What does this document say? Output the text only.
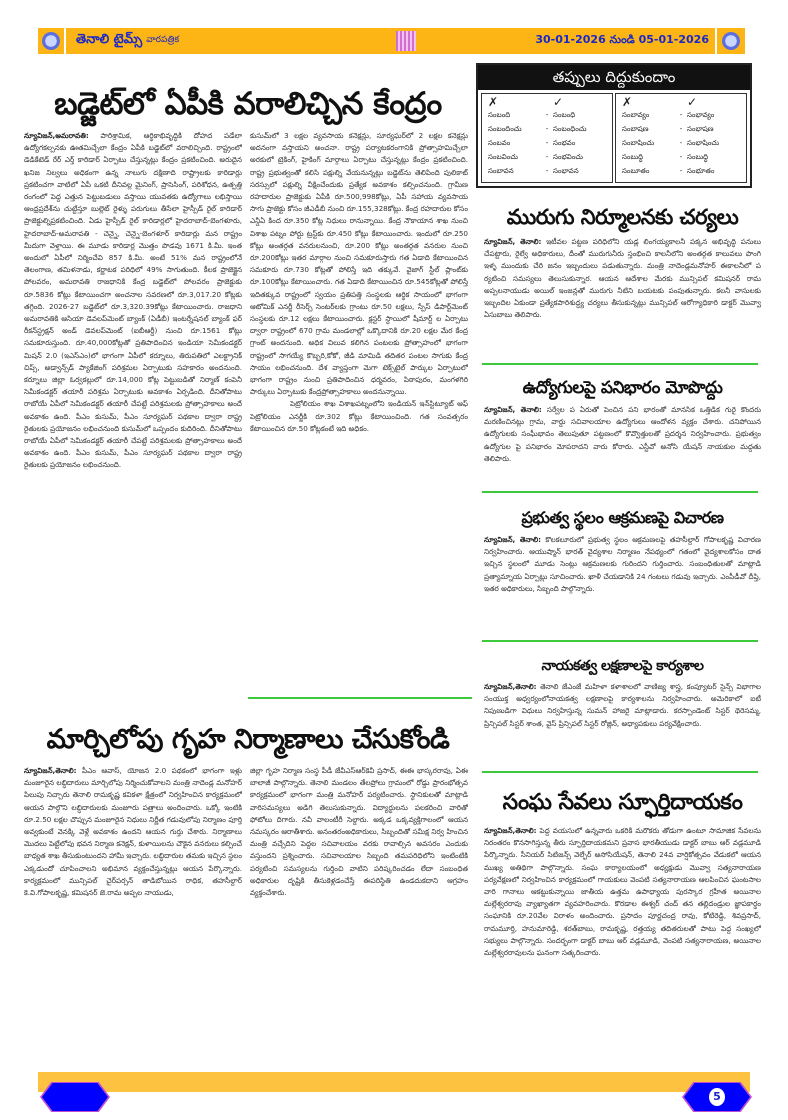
తెనాలి టైమ్స్ వారపత్రిక	30-01-2026 నుండి 05-01-2026
బడ్జెట్‌లో ఏపీకి వరాలిచ్చిన కేంద్రం
న్యూవిజన్,అమరావతి: పారిశ్రామిక, ఆర్థికాభివృద్ధికి దోహద పడేలా ఉద్యోగకల్పనకు ఊతమిచ్చేలా కేంద్రం ఏపీకి బడ్జెట్‌లో వరాలిచ్చింది. రాష్ట్రంలో డెడికేటెడ్ రేర్ ఎర్త్ కారిడార్ ఏర్పాటు చేస్తున్నట్లు కేంద్రం ప్రకటించింది. అరుదైన ఖనిజ నిల్వలు అధికంగా ఉన్న నాలుగు దక్షిణాది రాష్ట్రాలకు కారిడార్లు ప్రకటించగా వాటిలో ఏపీ ఒకటి దీనివల్ల మైనింగ్, ప్రాసెసింగ్, పరిశోధన, ఉత్పత్తి రంగంలో పెద్ద ఎత్తున పెట్టుబడులు వస్తాయి యువతకు ఉద్యోగాలు లభిస్తాయి ఆంధ్రప్రదేశ్‌ను చుట్టేస్తూ బుల్లెట్ రైళ్ళు పరుగులు తీసేలా హైస్పీడ్ రైల్ కారిడార్ ప్రాజెక్టుల్నిప్రకటించింది. ఏడు హైస్పీడ్ రైల్ కారిడార్లలో హైదరాబాద్-బెంగళూరు, హైదరాబాద్-అమరావతి - చెన్నై, చెన్నై-బెంగళూర్ కారిడార్లు మన రాష్ట్రం మీదుగా వెళ్తాయి. ఈ మూడు కారిడార్ల మొత్తం పొడవు 1671 కి.మీ. ఇంత అందులో ఏపీలో నిర్మించేవి 857 కి.మీ. అంటే 51% మన రాష్ట్రంలోనే తెలంగాణ, తమిళనాడు, కర్ణాటక పరిధిలో 49% సాగుతుంది. కీలక ప్రాజెక్టైన పోలవరం, అమరావతి రాజధానికి కేంద్ర బడ్జెట్‌లో పోలవరం ప్రాజెక్టుకు రూ.5836 కోట్లు కేటాయించగా అంచనాల సవరణలో రూ.3,017.20 కోట్లకు తగ్గింది. 2026-27 బడ్జెట్‌లో రూ.3,320.39కోట్లు కేటాయించారు. రాజధాని అమరావతికి ఆసియా డెవలప్‌మెంట్ బ్యాంక్ (ఏడీబీ) ఇంటర్నేషనల్ బ్యాంక్ ఫర్ రీకన్‌స్ట్రక్షన్ అండ్ డెవలప్‌మెంట్ (ఐబీఆర్డీ) నుంచి రూ.1561 కోట్లు సమకూరుస్తుంది. రూ.40,000కోట్లతో ప్రతిపాదించిన ఇండియా సెమీకండక్టర్ మిషన్ 2.0 (ఇఎస్ఎం)లో భాగంగా ఏపీలో కర్నూలు, తిరుపతిలో ఎలక్ట్రానిక్ చిప్స్, అడ్వాన్స్‌డ్ ప్యాకేజింగ్ పరిశ్రమల ఏర్పాటుకు సహకారం అందనుంది. కర్నూలు జిల్లా ఓర్వకల్లులో రూ.14,000 కోట్ల పెట్టుబడితో నిర్మాణ్ కంపెనీ సెమీకండక్టర్ తయారీ పరిశ్రమ ఏర్పాటుకు అవకాశం ఏర్పడింది. దీనితోపాటు రాబోయే ఏపీలో సెమీకండక్టర్ తయారీ చేపట్టే పరిశ్రమలకు ప్రోత్సాహకాలు అందే అవకాశం ఉంది. పీఎం కుసుమ్, పీఎం సూర్యఘర్ పథకాల ద్వారా రాష్ట్ర రైతులకు ప్రయోజనం లభించనుంది కుసుమ్‌లో ఒప్పందం కుదిరింది. దీనితోపాటు రాబోయే ఏపీలో సెమీకండక్టర్ తయారీ చేపట్టే పరిశ్రమలకు ప్రోత్సాహకాలు అందే అవకాశం ఉంది. పీఎం కుసుమ్, పీఎం సూర్యఘర్ పథకాల ద్వారా రాష్ట్ర రైతులకు ప్రయోజనం లభించనుంది.
కుసుమ్‌లో 3 లక్షల వ్యవసాయ కనెక్షన్లు, సూర్యఘర్‌లో 2 లక్షల కనెక్షన్లు అదనంగా వస్తాయని అంచనా. రాష్ట్ర పర్యాటకరంగానికి ప్రోత్సాహమిచ్చేలా అరకులో ట్రెకింగ్, హైకింగ్ మార్గాలు ఏర్పాటు చేస్తున్నట్లు కేంద్రం ప్రకటించింది. రాష్ట్ర ప్రభుత్వంతో కలిసి పక్షుల్ని వేయనున్నట్లు బడ్జెట్‌ను తెలిపింది పులికాట్ సరస్సులో పక్షుల్ని వీక్షించేందుకు ప్రత్యేక అవకాశం కల్పించనుంది. గ్రామీణ రహదారుల ప్రాజెక్టుకు ఏపీకి రూ.500,998కోట్లు, ఏపీ సహాయ వ్యవసాయ సాగు ప్రాజెక్టు కోసం జీఎడీబీ నుంచి రూ.155,328కోట్లు. కేంద్ర రహదారుల కోసం ఎన్డీఏ కింద రూ.350 కోట్ల నిధులు రానున్నాయి. కేంద్ర నౌకాయాన శాఖ నుంచి విశాఖ పట్నం పోర్టు ట్రస్ట్‌కు రూ.450 కోట్లు కేటాయించారు. ఇందులో రూ.250 కోట్లు అంతర్గత వనరులనుంచి, రూ.200 కోట్లు అంతర్గత వనరుల నుంచి రూ.200కోట్లు ఇతర మార్గాల నుంచి సమకూరుస్తారు గత ఏడాది కేటాయించిన సమకూరు రూ.730 కోట్లతో పోలిస్తే ఇది తక్కువే. వైజాగ్ స్టీల్ ప్లాంట్‌కు రూ.100కోట్లు కేటాయించారు. గత ఏడాది కేటాయించిన రూ.545కోట్లతో పోలిస్తే ఇదితక్కువ రాష్ట్రంలో స్వయం ప్రతిపత్తి సంస్థలకు ఆర్థిక సాయంలో భాగంగా ఆటోమిక్ ఎనర్జీ రీసెర్చ్ సెంటర్‌లకు గ్రాంటు రూ.50 లక్షలు, స్పేస్ డిపార్ట్‌మెంట్ సంస్థలకు రూ.12 లక్షలు కేటాయించారు. క్లస్టర్ స్థాయిలో షీమార్ట్ ల ఏర్పాటు ద్వారా రాష్ట్రంలో 670 గ్రామ మండలాల్లో ఒక్కొదానికి రూ.20 లక్షల మేర కేంద్ర గ్రాంట్ అందనుంది. అధిక విలువ కలిగిన పంటలకు ప్రోత్సాహంలో భాగంగా రాష్ట్రంలో సాగయ్యే కొబ్బరి,కోకో, జీడి మామిడి తదితర పంటల సాగుకు కేంద్ర సాయం లభించనుంది. దేశ వ్యాప్తంగా మెగా టెక్స్‌టైల్ పార్కుల ఏర్పాటులో భాగంగా రాష్ట్రం నుంచి ప్రతిపాదించిన ధర్మవరం, పిఠాపురం, మంగళగిరి పార్కులు ఏర్పాటుకు కేంద్రప్రోత్సాహకాలు అందనున్నాయి.
పెట్రోలియం శాఖ విశాఖపట్నంలోని ఇండియన్ ఇన్‌స్టిట్యూట్ ఆఫ్ పెట్రోలియం ఎనర్జీకి రూ.302 కోట్లు కేటాయించింది. గత సంవత్సరం కేటాయించిన రూ.50 కోట్లకంటే ఇది అధికం.
తప్పులు దిద్దుకుందాం
✗	✓
సంబంది	- సంబంధి
సంబందించు	- సంబంధించు
సంబవం	- సంభవం
సంబవించు	- సంభవించు
సంబావన	- సంభావన
✗	✓
సంబావ్యం	- సంభావ్యం
సంబాషణ	- సంభాషణ
సంబాషించు	- సంభాషించు
సంబుద్ధి	- సంబుద్ధి
సంబూతం	- సంభూతం
మురుగు నిర్మూలనకు చర్యలు
న్యూవిజన్, తెనాలి: ఇటీవల పట్టణ పరిధిలోని యడ్ల లింగయ్యకాలనీ పక్కన అభివృద్ధి పనులు చేపట్టారు, రైల్వే అధికారులు, దీంతో మురుగునీరు స్తంభించి కాలనీలోని అంతర్గత కాలువలు పొంగి ఇళ్ళ ముందుకు చేరి జనం ఇబ్బందులు పడుతున్నారు. మంత్రి నాదెండ్లమనోహర్ ఈకాలనీలో ప ర్యటించి సమస్యలు తెలుసుకున్నార. ఆయన ఆదేశాల మేరకు మున్సిపల్ కమిషనర్ రామ అప్పలనాయుడు అయిల్ ఇంజన్లతో మురుగు నీటిని బయటకు పంపుతున్నారు. కలనీ వాసులకు ఇబ్బందిల ఏకుండా ప్రత్యేకపారిశుద్ధ్య చర్యలు తీసుకున్నట్లు మున్సిపల్ ఆరోగ్యాధికారి డాక్టర్ మొవ్వా ఏసుబాబు తెలిపారు.
ఉద్యోగులపై పనిభారం మోపొద్దు
న్యూవిజన్, తెనాలి: సర్వేల ప ఏరుతో పెంచిన పని భారంతో మానసిక ఒత్తిడిక గురై కొందరు మరణించినట్లు గ్రామ, వార్డు సచివాలయాల ఉద్యోగులు ఆందోళన వ్యక్తం చేశారు. చనిపోయిన ఉద్యోగులకు సంఘీభావం తెలుపుతూ పట్టణంలో కొవ్వొత్తులతో ప్రదర్శన నిర్వహించారు. ప్రభుత్వం ఉద్యోగుల పై పనిభారం మోపరాదని వారు కోరారు. ఎస్టీవో అనోసి యేషన్ నాయకుల మద్దతు తెలిపారు.
ప్రభుత్వ స్థలం ఆక్రమణపై విచారణ
న్యూవిజన్, తెనాలి: కొలకలూరులో ప్రభుత్వ స్థలం ఆక్రమణలపై తహసీల్దార్ గోపాలకృష్ణ విచారణ నిర్వహించారు. ఆయుష్మాన్ భారత్ వైద్యశాల నిర్మాణం నేపథ్యంలో గతంలో వైద్యశాలకోసం దాత ఇచ్చిన స్థలంలో మూడు సెంట్లు ఆక్రమణలకు గురిందని గుర్తించారు. సంబంధితులతో మాట్లాడి ప్రత్యామ్నాయ ఏర్పాట్లు సూచించారు. ఖాళీ చేయడానికి 24 గంటలు గడువు ఇచ్చారు. ఎంపీడీవో దీప్తి, ఇతర అధికారులు, సిబ్బంది పాల్గొన్నారు.
నాయకత్వ లక్షణాలపై కార్యశాల
న్యూవిజన్,తెనాలి: తెనాలి జేఎంజే మహిళా కళాశాలలో వాణిజ్య శాస్త్ర, కంప్యూటర్ సైన్స్ విభాగాల సంయుక్త అధ్వర్యంలోనాయకత్వ లక్షణాలపై కార్యశాలను నిర్వహించారు. అమెరికాలో ఐటీ నిపుణుడిగా విధులు నిర్వహిస్తున్న సుమన్ హాజరై మాట్లాడారు. కరస్పాండెంట్ సిస్టర్ థెరెసమ్మ, ప్రిన్సిపల్ సిస్టర్ శాంత, వైస్ ప్రిన్సిపల్ సిస్టర్ రోజ్లిన్, అధ్యాపకులు పర్యవేక్షించారు.
సంఘ సేవలు స్ఫూర్తిదాయకం
న్యూవిజన్,తెనాలి: పెద్ద వయసులో ఉన్నవారు ఒకరికి మరొకరు తోడుగా ఉంటూ సామాజిక సేవలను నిరంతరం కొనసాగిస్తున్న తీరు స్ఫూర్తిదాయకమని ప్రవాస భారతీయుడు డాక్టర్ బాబు ఆర్ వడ్లమూడి పేర్కొన్నారు. సీనియర్ సిటిజన్స్ వెల్ఫేర్ అసోసియేషన్, తెనాలి 24వ వార్షికోత్సవం వేడుకలో ఆయన ముఖ్య అతిథిగా పాల్గొన్నారు. సంఘ కార్యాలయంలో అధ్యక్షుడు మొవ్వా సత్యనారాయణ పర్యవేక్షణలో నిర్వహించిన కార్యక్రమంలో గాయకులు వెంపటి సత్యనారాయణ ఆలపించిన ఘంటసాల వారి గానాలు ఆకట్టుకున్నాయి జాతీయ ఉత్తమ ఉపాధ్యాయ పురస్కార గ్రహీత అయినాల మల్లేశ్వరరావు వ్యాఖ్యాతగా వ్యవహరించారు. కొరడాల ఈశ్వర్ చంద్ తన తల్లిదండ్రుల జ్ఞాపకార్థం సంఘానికి రూ.20వేల విరాళం అందించారు. ప్రసాదం పూర్ణచంద్ర రావు, కోటిరెడ్డి, శివప్రసాద్, రామమూర్తి, హనుమారెడ్డి, శరత్‌బాబు, రామకృష్ణ, రత్తయ్య తదితరులతో పాటు పెద్ద సంఖ్యలో సభ్యులు పాల్గొన్నారు. సందర్భంగా డాక్టర్ బాబు ఆర్ వడ్లమూడి, వెంపటి సత్యనారాయణ, అయినాల మల్లేశ్వరరావులను ఘనంగా సత్కరించారు.
మార్చిలోపు గృహ నిర్మాణాలు చేసుకోండి
న్యూవిజన్,తెనాలి: పీఎం ఆవాస్, యోజన 2.0 పథకంలో భాగంగా ఇళ్లు మంజూరైన లబ్ధిదారులు మార్చిలోపు నిర్మించుకోవాలని మంత్రి నాదెండ్ల మనోహర్ పిలుపు నిచ్చారు తెనాలి రామకృష్ణ కవికళా క్షేత్రంలో నిర్వహించిన కార్యక్రమంలో ఆయన పాల్గొని లబ్ధిదారులకు మంజూరు పత్రాలు అందించారు. ఒక్కో ఇంటికి రూ.2.50 లక్షల చొప్పున మంజూరైన నిధులు నిర్ణీత గడువులోపు నిర్మాణం పూర్తి అవ్వకుంటే వెనక్కి వెళ్లే అవకాశం ఉందని ఆయన గుర్తు చేశారు. నిర్మాణాలు మొదలు పెట్టేలోపు భవన నిర్మాణ కనెక్షన్, కుళాయిలను చౌకైన వనరులు కల్పించే బాధ్యత శాఖ తీసుకుంటుందని హామీ ఇచ్చారు. లబ్ధిదారుల తమకు ఇచ్చిన స్థలం ఎక్కడుందో చూపించాలని అభిమాన వ్యక్తంచేస్తున్నట్లు ఆయన పేర్కొన్నారు. కార్యక్రమంలో మున్సిపల్ చైర్‌పర్సన్ తాడిబోయిన రాధిక, తహసీల్దార్ కె.వి.గోపాలకృష్ణ, కమిషనర్ జె.రామ అప్పల నాయుడు,
జిల్లా గృహ నిర్మాణ సంస్థ పీడీ జేవీఎస్ఆర్‌కెవీ ప్రసాద్, ఈఈ భాస్కరరావు, ఏఈ బాలాజీ పాల్గొన్నారు. తెనాలి మండలం తేలప్రోలు గ్రామంలో రోడ్డు ప్రారంభోత్సవ కార్యక్రమంలో భాగంగా మంత్రి మనోహర్ పర్యటించారు. స్థానికులతో మాట్లాడి వారిసమస్యలు అడిగి తెలుసుకున్నారు. విద్యార్థులను పలకరించి వారితో ఫోటోలు దిగారు. నవీ వాలంటీరీ సెల్డారు. అక్కడ ఒక్కవ్యక్తిగాలంలో ఆయన నమస్కరం ఆరాతీశారు. అనంతరంఅధికారులు, సిబ్బందితో సమీక్ష నిర్వ హించిన మంత్రి వచ్చేదిని పెద్దల సచివాలయం వరకు రావాల్సిన అవసరం ఎందుకు వస్తుందని ప్రశ్నించారు. సచివాలయాల సిబ్బంది తమపరిధిలోని ఇంటింటికి పర్యటించి సమస్యలను గుర్తించి వాటిని పరిష్కరించడం లేదా సంబంధిత అధికారుల దృష్టికి తీసుకెళ్లడంచేస్తే ఈపరిస్థితి ఉండదుకదాని ఆగ్రహం వ్యక్తంచేశారు.
5
